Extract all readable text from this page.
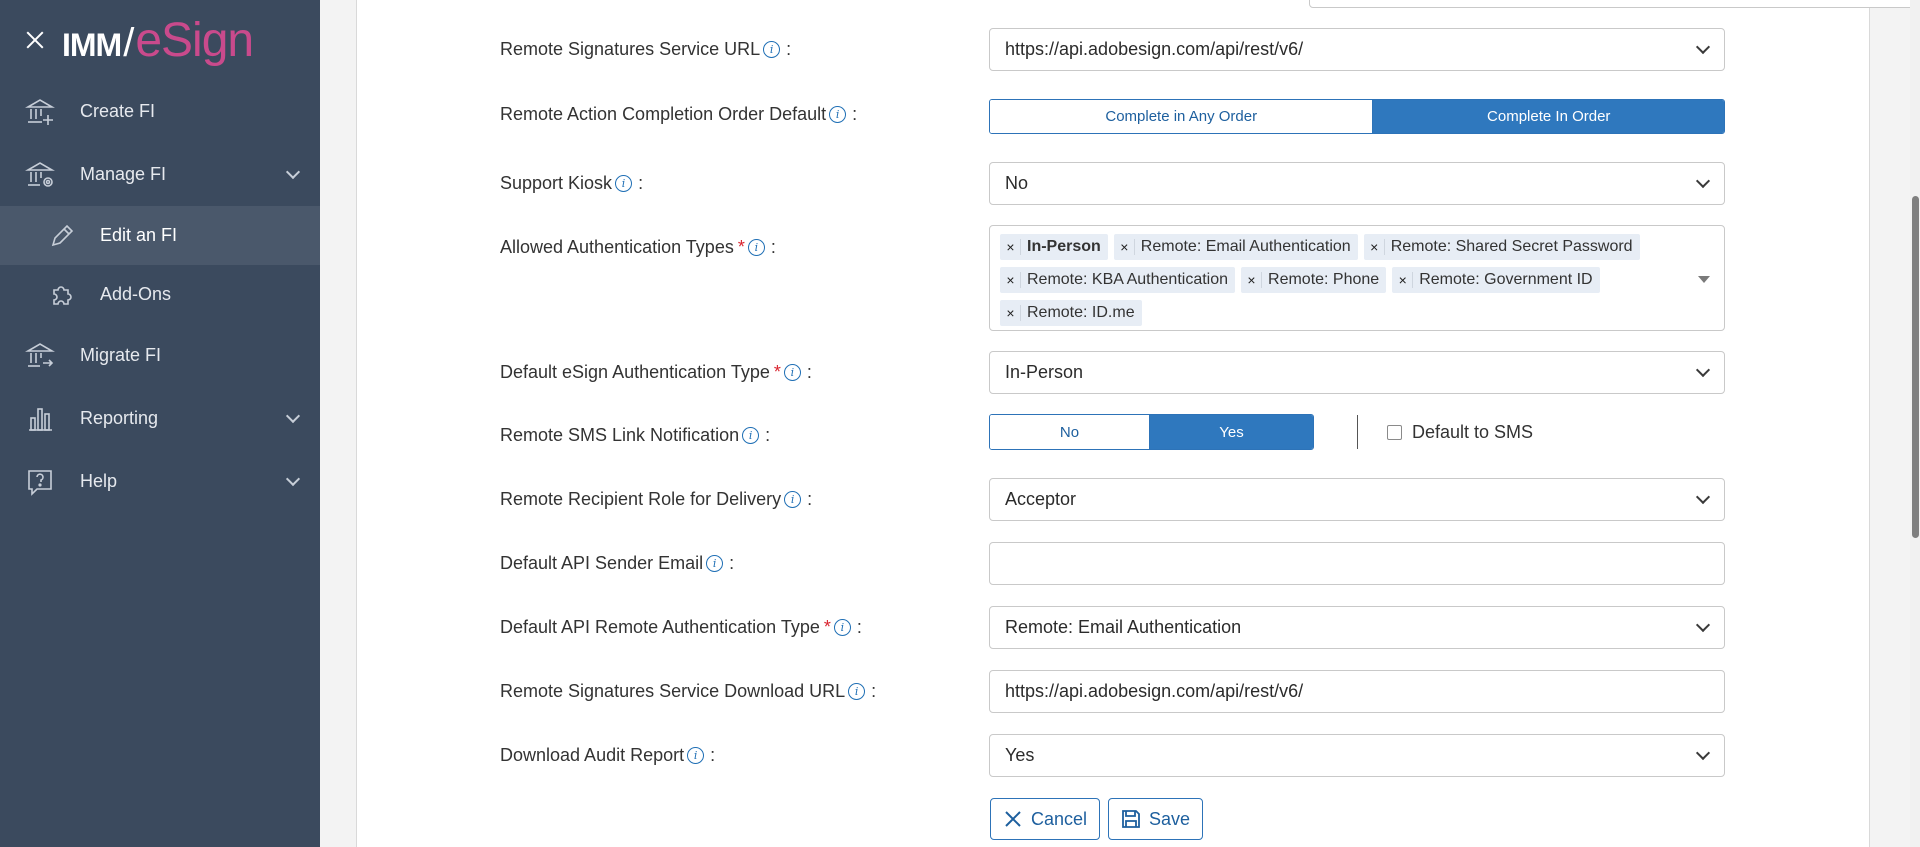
IMM / eSign
Create FI
Manage FI
Edit an FI
Add-Ons
Migrate FI
Reporting
Help
Remote Signatures Service URL i :	https://api.adobesign.com/api/rest/v6/
Remote Action Completion Order Default i :	Complete in Any Order	Complete In Order
Support Kiosk i :	No
Allowed Authentication Types * i :	× In-Person	× Remote: Email Authentication	× Remote: Shared Secret Password
× Remote: KBA Authentication	× Remote: Phone	× Remote: Government ID
× Remote: ID.me
Default eSign Authentication Type * i :	In-Person
Remote SMS Link Notification i :	No	Yes	Default to SMS
Remote Recipient Role for Delivery i :	Acceptor
Default API Sender Email i :
Default API Remote Authentication Type * i :	Remote: Email Authentication
Remote Signatures Service Download URL i :	https://api.adobesign.com/api/rest/v6/
Download Audit Report i :	Yes
Cancel	Save
